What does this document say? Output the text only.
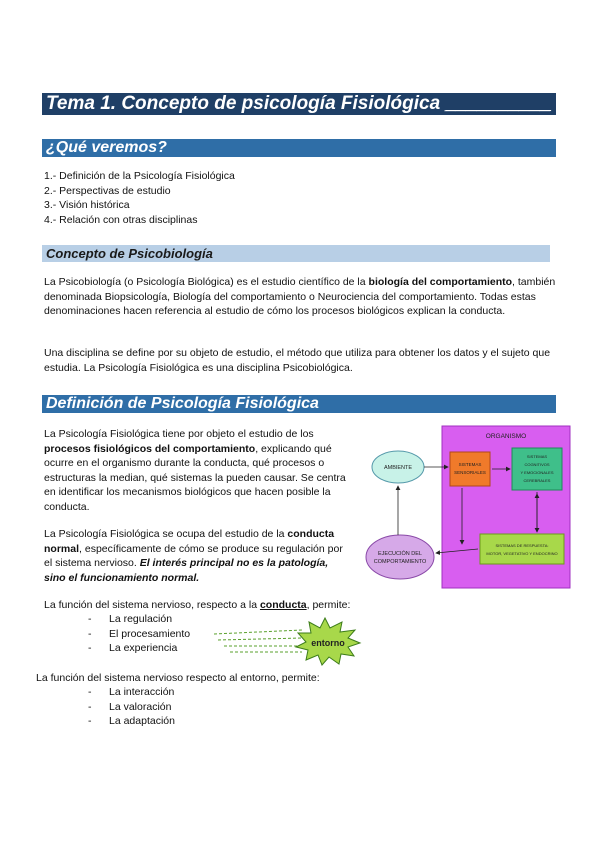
Tema 1. Concepto de psicología Fisiológica __________
¿Qué veremos?
1.- Definición de la Psicología Fisiológica
2.- Perspectivas de estudio
3.- Visión histórica
4.- Relación con otras disciplinas
Concepto de Psicobiología

La Psicobiología (o Psicología Biológica) es el estudio científico de la biología del comportamiento, también denominada Biopsicología, Biología del comportamiento o Neurociencia del comportamiento. Todas estas denominaciones hacen referencia al estudio de cómo los procesos biológicos explican la conducta.

Una disciplina se define por su objeto de estudio, el método que utiliza para obtener los datos y el sujeto que estudia. La Psicología Fisiológica es una disciplina Psicobiológica.

Definición de Psicología Fisiológica

La Psicología Fisiológica tiene por objeto el estudio de los procesos fisiológicos del comportamiento, explicando qué ocurre en el organismo durante la conducta, qué procesos o estructuras la median, qué sistemas la pueden causar. Se centra en identificar los mecanismos biológicos que hacen posible la conducta.

La Psicología Fisiológica se ocupa del estudio de la conducta normal, específicamente de cómo se produce su regulación por el sistema nervioso. El interés principal no es la patología, sino el funcionamiento normal.

La función del sistema nervioso, respecto a la conducta, permite:

- La regulación
- El procesamiento
- La experiencia	entorno

La función del sistema nervioso respecto al entorno, permite:

- La interacción
- La valoración
- La adaptación
ORGANISMO
AMBIENTE
SISTEMAS
SENSORIALES
SISTEMAS
COGNITIVOS
Y EMOCIONALES
CEREBRALES
SISTEMAS DE RESPUESTA:
MOTOR, VEGETATIVO Y ENDOCRINO
EJECUCIÓN DEL
COMPORTAMIENTO
